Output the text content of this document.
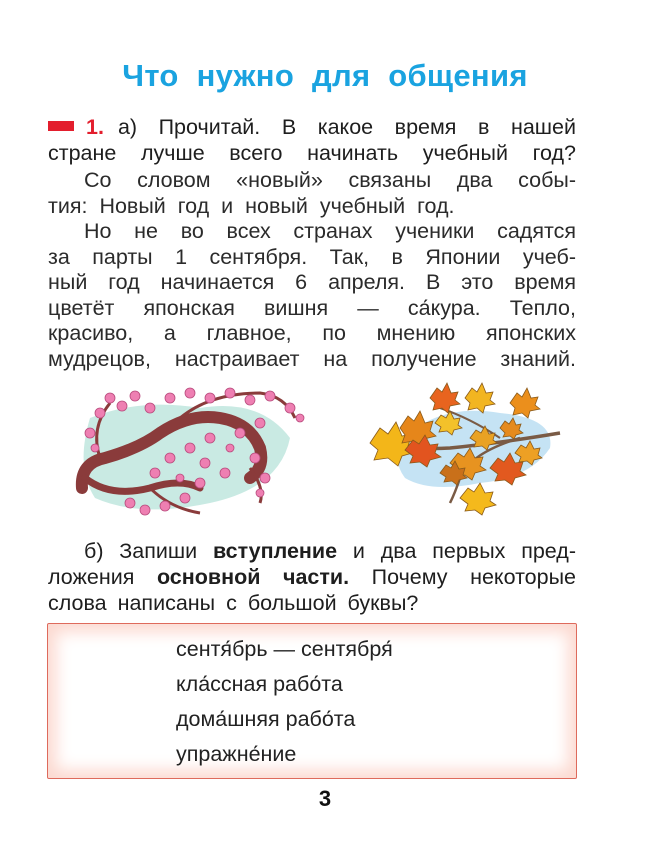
Что нужно для общения
1. а) Прочитай. В какое время в нашей
стране лучше всего начинать учебный год?
Со словом «новый» связаны два собы-
тия: Новый год и новый учебный год.
Но не во всех странах ученики садятся
за парты 1 сентября. Так, в Японии учеб-
ный год начинается 6 апреля. В это время
цветёт японская вишня — са́кура. Тепло,
красиво, а главное, по мнению японских
мудрецов, настраивает на получение знаний.
б) Запиши вступление и два первых пред-
ложения основной части. Почему некоторые
слова написаны с большой буквы?
сентя́брь — сентября́
кла́ссная рабо́та
дома́шняя рабо́та
упражне́ние
3
